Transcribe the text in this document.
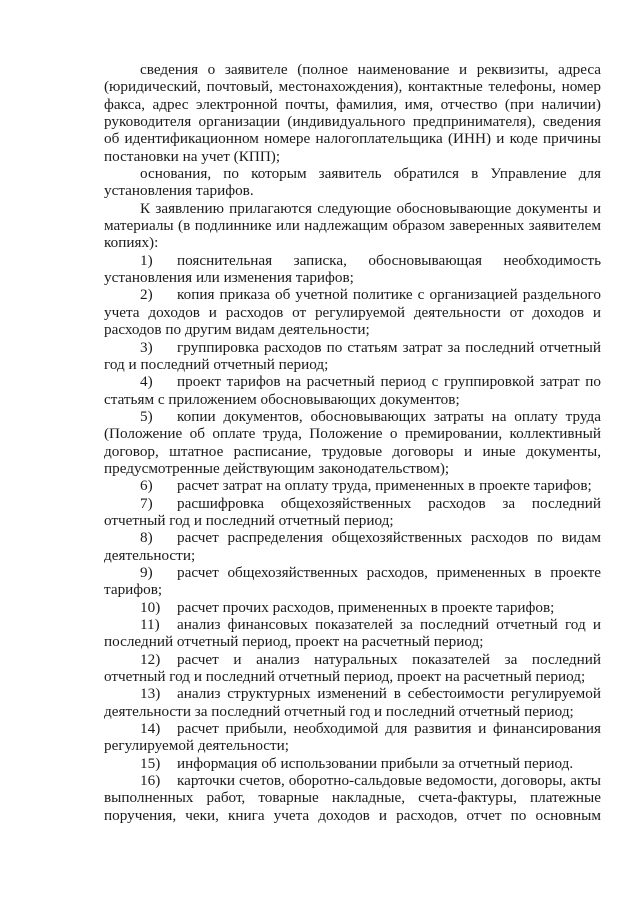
сведения о заявителе (полное наименование и реквизиты, адреса (юридический, почтовый, местонахождения), контактные телефоны, номер факса, адрес электронной почты, фамилия, имя, отчество (при наличии) руководителя организации (индивидуального предпринимателя), сведения об идентификационном номере налогоплательщика (ИНН) и коде причины постановки на учет (КПП);

основания, по которым заявитель обратился в Управление для установления тарифов.

К заявлению прилагаются следующие обосновывающие документы и материалы (в подлиннике или надлежащим образом заверенных заявителем копиях):

1) пояснительная записка, обосновывающая необходимость установления или изменения тарифов;

2) копия приказа об учетной политике с организацией раздельного учета доходов и расходов от регулируемой деятельности от доходов и расходов по другим видам деятельности;

3) группировка расходов по статьям затрат за последний отчетный год и последний отчетный период;

4) проект тарифов на расчетный период с группировкой затрат по статьям с приложением обосновывающих документов;

5) копии документов, обосновывающих затраты на оплату труда (Положение об оплате труда, Положение о премировании, коллективный договор, штатное расписание, трудовые договоры и иные документы, предусмотренные действующим законодательством);

6) расчет затрат на оплату труда, примененных в проекте тарифов;

7) расшифровка общехозяйственных расходов за последний отчетный год и последний отчетный период;

8) расчет распределения общехозяйственных расходов по видам деятельности;

9) расчет общехозяйственных расходов, примененных в проекте тарифов;

10) расчет прочих расходов, примененных в проекте тарифов;

11) анализ финансовых показателей за последний отчетный год и последний отчетный период, проект на расчетный период;

12) расчет и анализ натуральных показателей за последний отчетный год и последний отчетный период, проект на расчетный период;

13) анализ структурных изменений в себестоимости регулируемой деятельности за последний отчетный год и последний отчетный период;

14) расчет прибыли, необходимой для развития и финансирования регулируемой деятельности;

15) информация об использовании прибыли за отчетный период.

16) карточки счетов, оборотно-сальдовые ведомости, договоры, акты выполненных работ, товарные накладные, счета-фактуры, платежные поручения, чеки, книга учета доходов и расходов, отчет по основным
